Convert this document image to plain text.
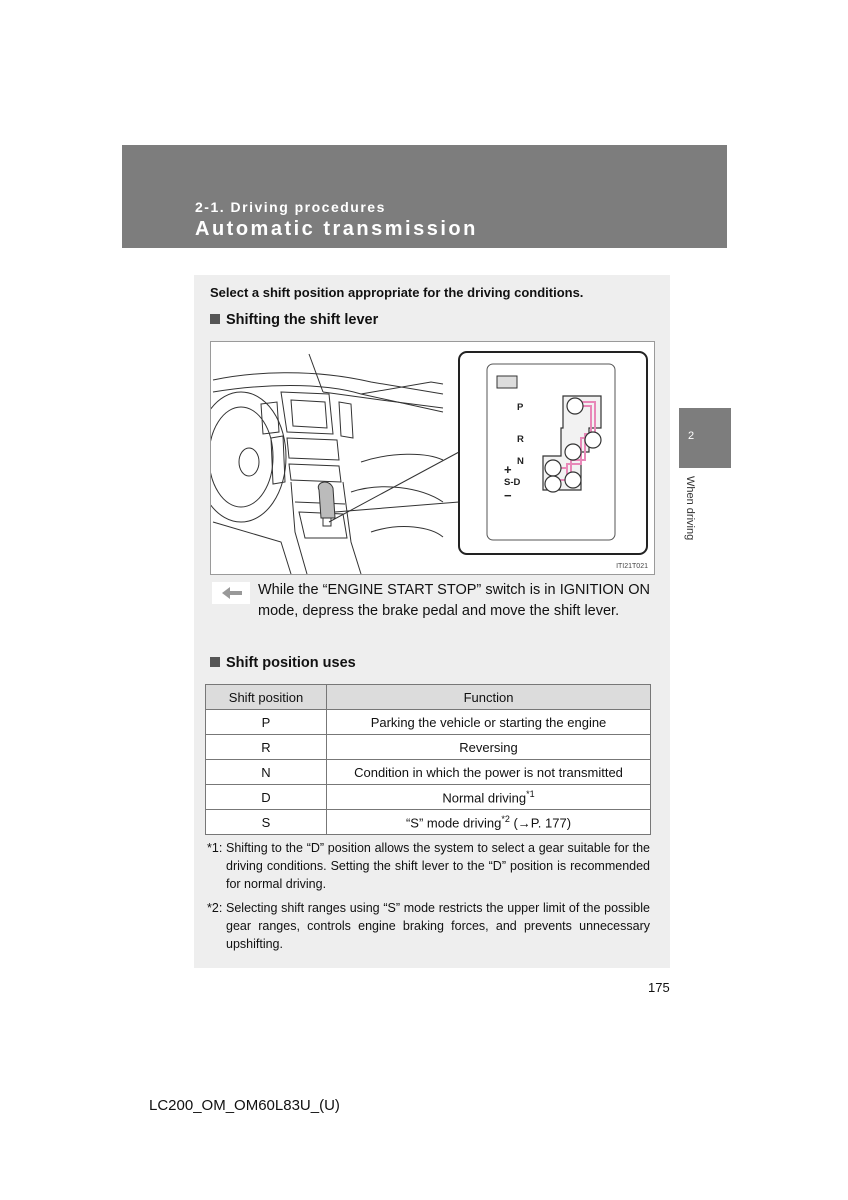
2-1. Driving procedures
Automatic transmission
2
When driving
Select a shift position appropriate for the driving conditions.
Shifting the shift lever
P
R
N
+
S-D
−
ITI21T021
While the “ENGINE START STOP” switch is in IGNITION ON mode, depress the brake pedal and move the shift lever.
Shift position uses
Shift position	Function
P	Parking the vehicle or starting the engine
R	Reversing
N	Condition in which the power is not transmitted
D	Normal driving$^{*1}$
S	“S” mode driving$^{*2}$ (→P. 177)
*1: Shifting to the “D” position allows the system to select a gear suitable for the driving conditions. Setting the shift lever to the “D” position is recommended for normal driving.
*2: Selecting shift ranges using “S” mode restricts the upper limit of the possible gear ranges, controls engine braking forces, and prevents unnecessary upshifting.
175
LC200_OM_OM60L83U_(U)
